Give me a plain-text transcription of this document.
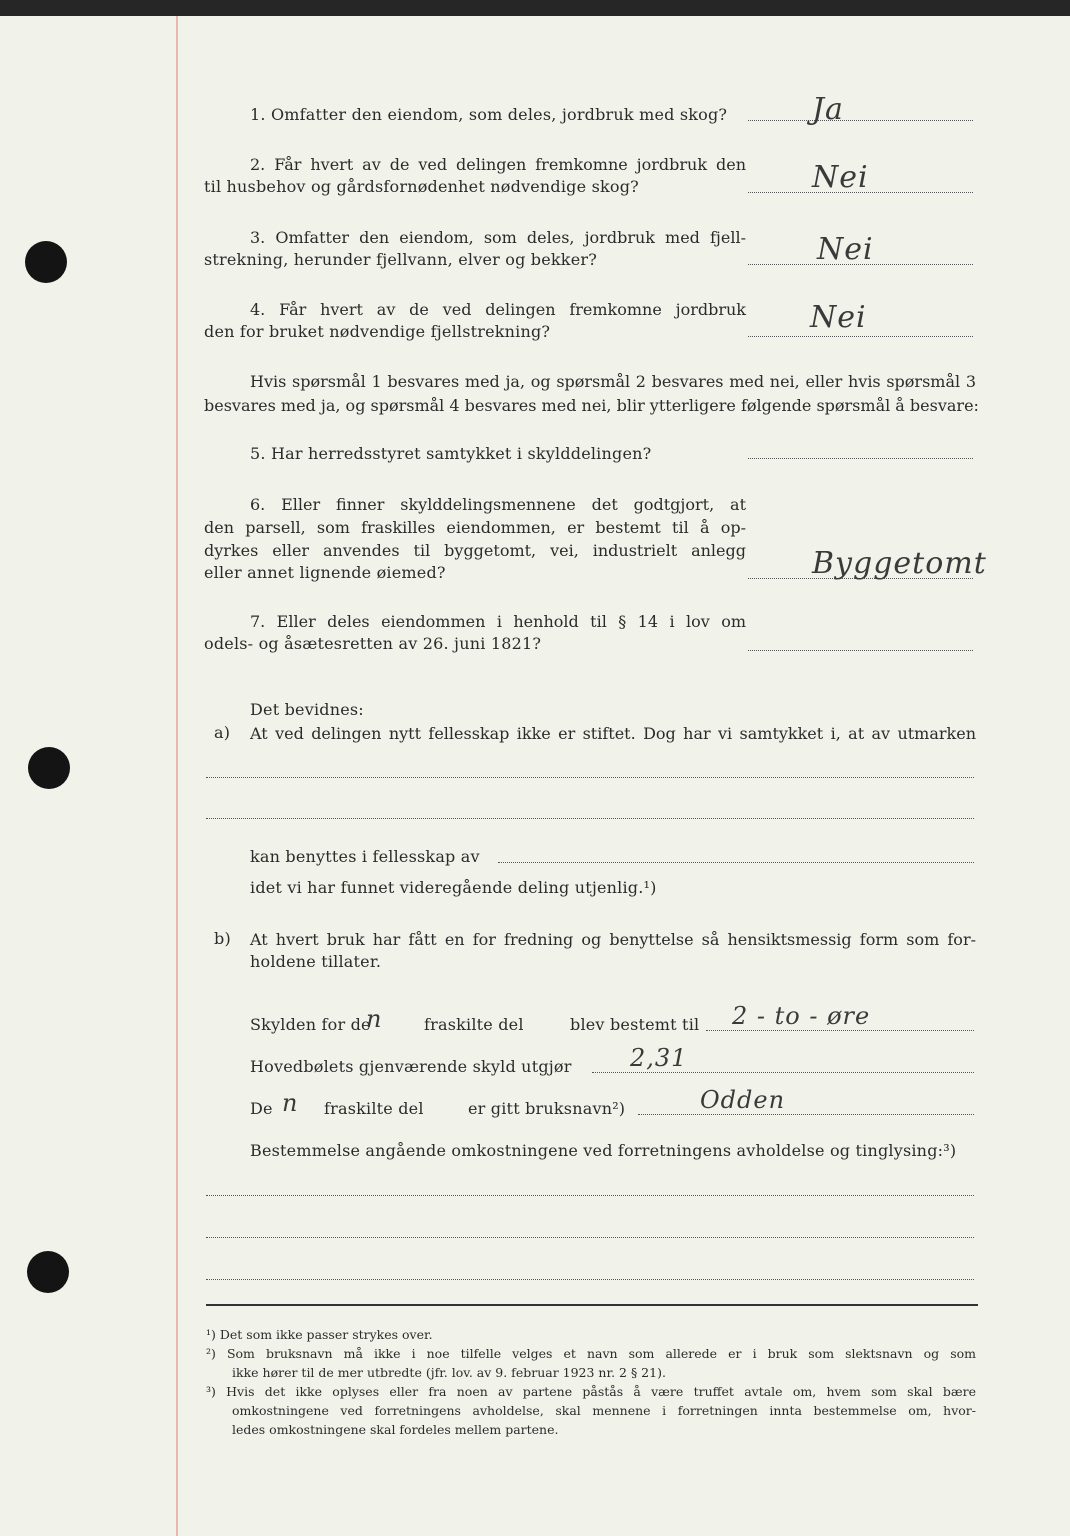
1. Omfatter den eiendom, som deles, jordbruk med skog?	Ja
2. Får hvert av de ved delingen fremkomne jordbruk den
til husbehov og gårdsfornødenhet nødvendige skog?	Nei
3. Omfatter den eiendom, som deles, jordbruk med fjell-
strekning, herunder fjellvann, elver og bekker?	Nei
4. Får hvert av de ved delingen fremkomne jordbruk
den for bruket nødvendige fjellstrekning?	Nei
Hvis spørsmål 1 besvares med ja, og spørsmål 2 besvares med nei, eller hvis spørsmål 3
besvares med ja, og spørsmål 4 besvares med nei, blir ytterligere følgende spørsmål å besvare:
5. Har herredsstyret samtykket i skylddelingen?
6. Eller finner skylddelingsmennene det godtgjort, at
den parsell, som fraskilles eiendommen, er bestemt til å op-
dyrkes eller anvendes til byggetomt, vei, industrielt anlegg
eller annet lignende øiemed?	Byggetomt
7. Eller deles eiendommen i henhold til § 14 i lov om
odels- og åsætesretten av 26. juni 1821?
Det bevidnes:
a) At ved delingen nytt fellesskap ikke er stiftet. Dog har vi samtykket i, at av utmarken
kan benyttes i fellesskap av
idet vi har funnet videregående deling utjenlig.¹)
b) At hvert bruk har fått en for fredning og benyttelse så hensiktsmessig form som for-
holdene tillater.
Skylden for de
n	fraskilte del	blev bestemt til 2 - to - øre
Hovedbølets gjenværende skyld utgjør 2,31
De n fraskilte del	er gitt bruksnavn²)	Odden
Bestemmelse angående omkostningene ved forretningens avholdelse og tinglysing:³)
¹) Det som ikke passer strykes over.
²) Som bruksnavn må ikke i noe tilfelle velges et navn som allerede er i bruk som slektsnavn og som
ikke hører til de mer utbredte (jfr. lov. av 9. februar 1923 nr. 2 § 21).
³) Hvis det ikke oplyses eller fra noen av partene påstås å være truffet avtale om, hvem som skal bære
omkostningene ved forretningens avholdelse, skal mennene i forretningen innta bestemmelse om, hvor-
ledes omkostningene skal fordeles mellem partene.
